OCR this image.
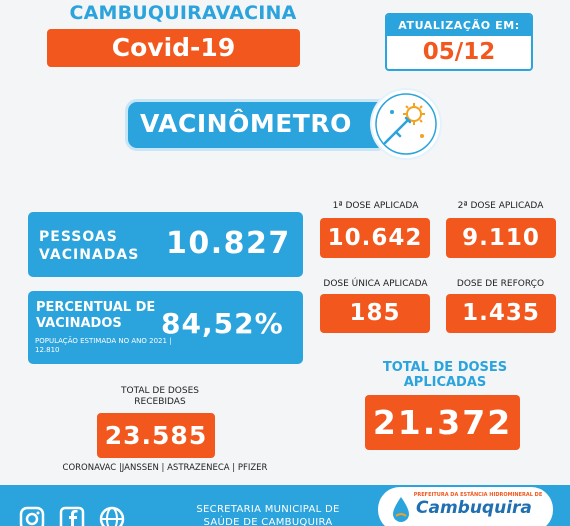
CAMBUQUIRAVACINA
Covid-19
ATUALIZAÇÃO EM:
05/12
VACINÔMETRO
PESSOAS VACINADAS 10.827
PERCENTUAL DE VACINADOS	84,52%
POPULAÇÃO ESTIMADA NO ANO 2021 | 12.810
1ª DOSE APLICADA
10.642
2ª DOSE APLICADA
9.110
DOSE ÚNICA APLICADA
185
DOSE DE REFORÇO
1.435
TOTAL DE DOSES APLICADAS
21.372
TOTAL DE DOSES RECEBIDAS
23.585
CORONAVAC |JANSSEN | ASTRAZENECA | PFIZER
SECRETARIA MUNICIPAL DE SAÚDE DE CAMBUQUIRA
PREFEITURA DA ESTÂNCIA HIDROMINERAL DE
Cambuquira
